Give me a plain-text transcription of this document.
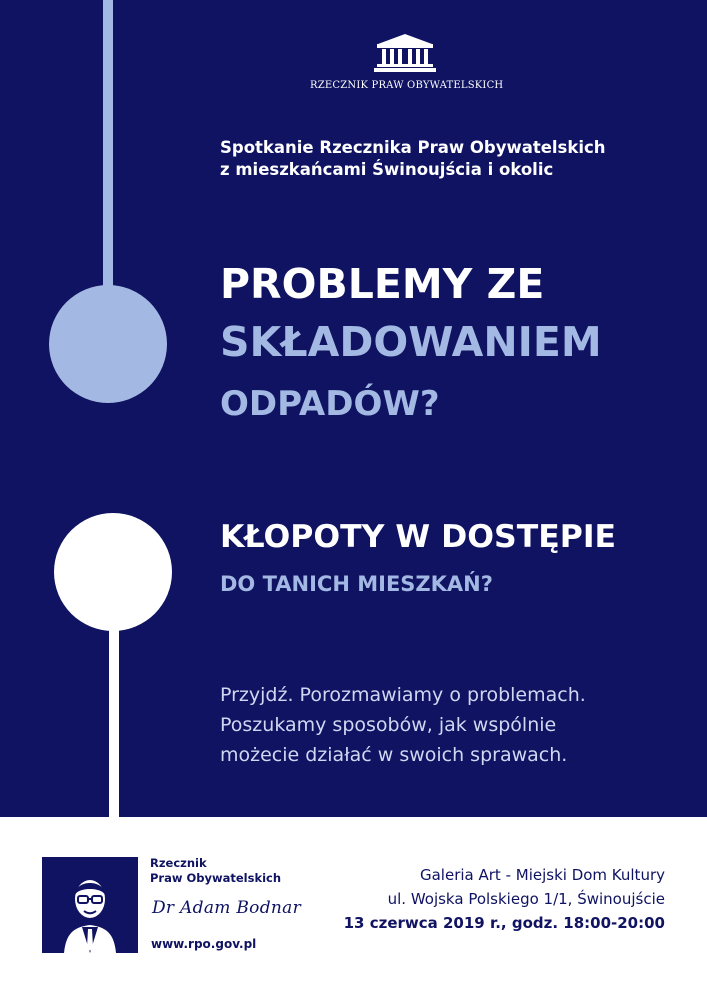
RZECZNIK PRAW OBYWATELSKICH
Spotkanie Rzecznika Praw Obywatelskich
z mieszkańcami Świnoujścia i okolic
PROBLEMY ZE
SKŁADOWANIEM
ODPADÓW?
KŁOPOTY W DOSTĘPIE
DO TANICH MIESZKAŃ?
Przyjdź. Porozmawiamy o problemach.
Poszukamy sposobów, jak wspólnie
możecie działać w swoich sprawach.
Rzecznik
Praw Obywatelskich
Dr Adam Bodnar
www.rpo.gov.pl
Galeria Art - Miejski Dom Kultury
ul. Wojska Polskiego 1/1, Świnoujście
13 czerwca 2019 r., godz. 18:00-20:00
